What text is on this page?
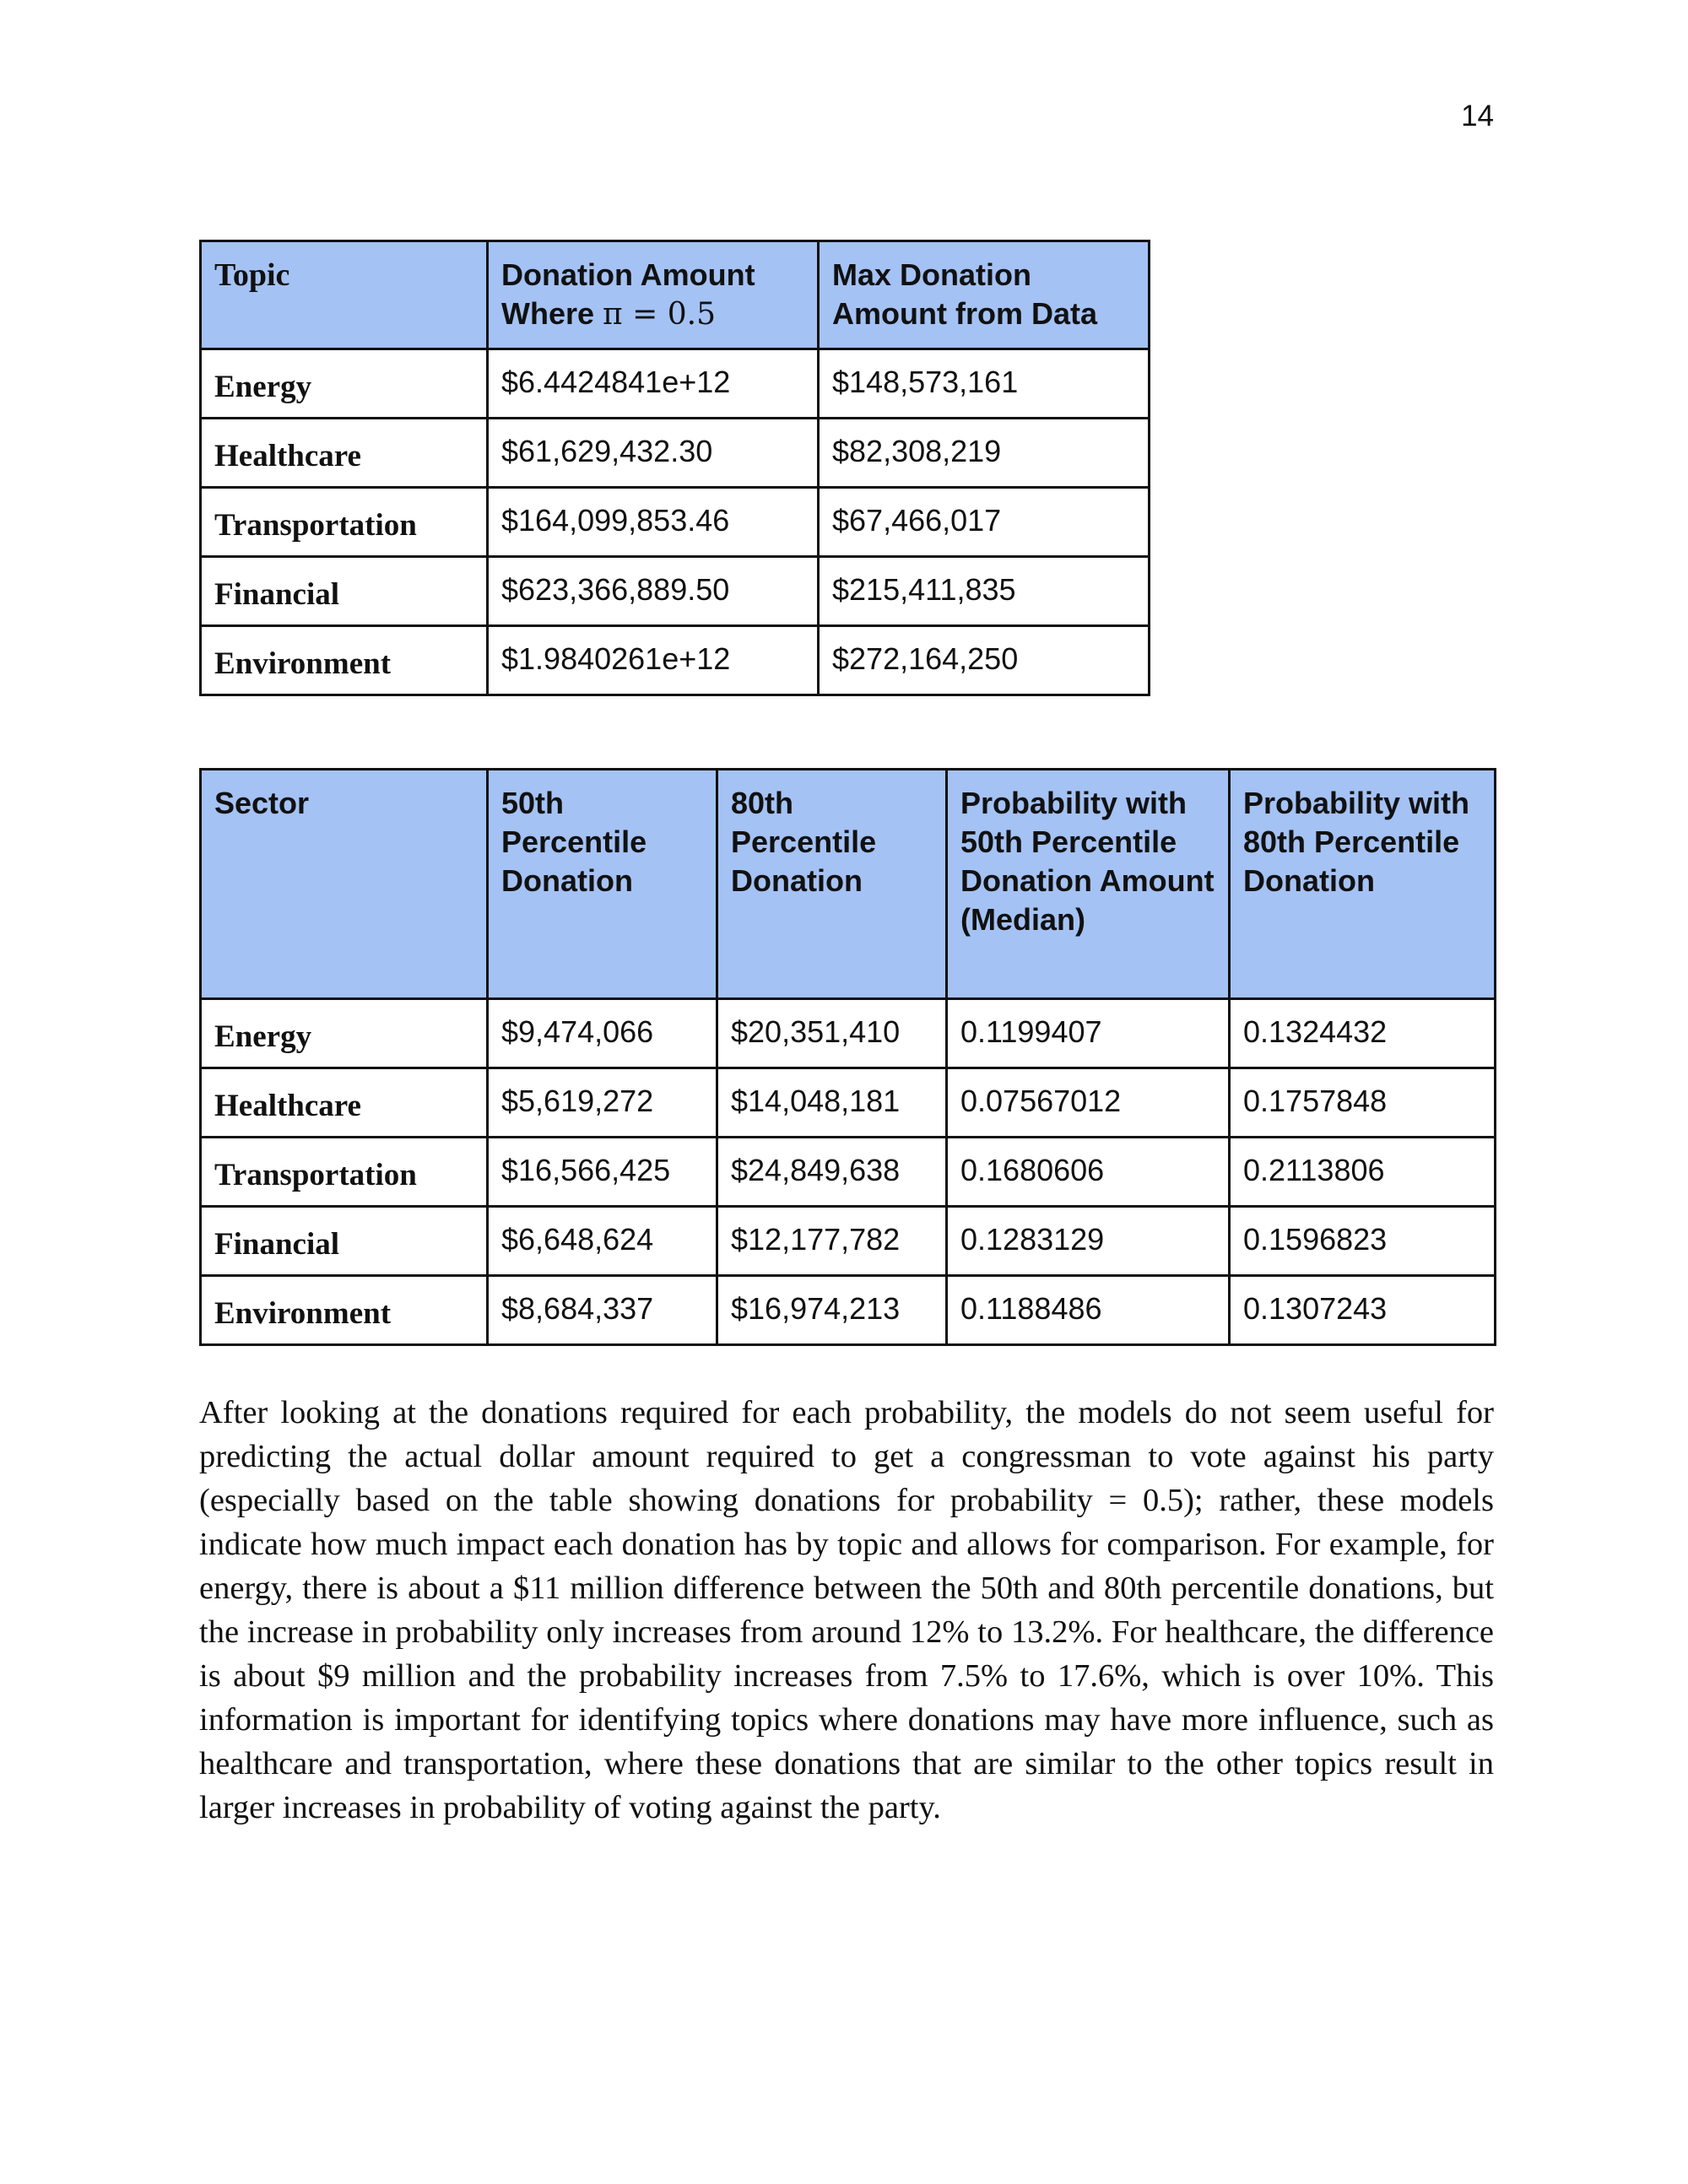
14
Topic	Donation Amount Where π = 0.5	Max Donation Amount from Data
Energy	$6.4424841e+12	$148,573,161
Healthcare	$61,629,432.30	$82,308,219
Transportation	$164,099,853.46	$67,466,017
Financial	$623,366,889.50	$215,411,835
Environment	$1.9840261e+12	$272,164,250
Sector	50th Percentile Donation	80th Percentile Donation	Probability with 50th Percentile Donation Amount (Median)	Probability with 80th Percentile Donation
Energy	$9,474,066	$20,351,410	0.1199407	0.1324432
Healthcare	$5,619,272	$14,048,181	0.07567012	0.1757848
Transportation	$16,566,425	$24,849,638	0.1680606	0.2113806
Financial	$6,648,624	$12,177,782	0.1283129	0.1596823
Environment	$8,684,337	$16,974,213	0.1188486	0.1307243

After looking at the donations required for each probability, the models do not seem useful for predicting the actual dollar amount required to get a congressman to vote against his party (especially based on the table showing donations for probability = 0.5); rather, these models indicate how much impact each donation has by topic and allows for comparison. For example, for energy, there is about a $11 million difference between the 50th and 80th percentile donations, but the increase in probability only increases from around 12% to 13.2%. For healthcare, the difference is about $9 million and the probability increases from 7.5% to 17.6%, which is over 10%. This information is important for identifying topics where donations may have more influence, such as healthcare and transportation, where these donations that are similar to the other topics result in larger increases in probability of voting against the party.
